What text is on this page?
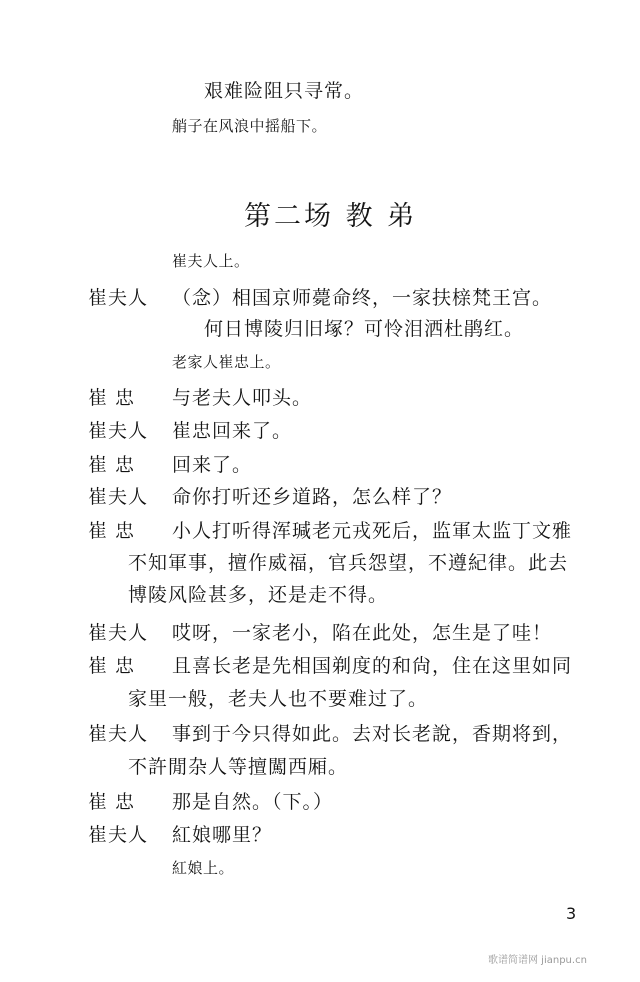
艰难险阻只寻常。
艄子在风浪中摇船下。
第二场 教 弟
崔夫人上。
崔夫人 （念）相国京师薨命终，一家扶榇梵王宫。
何日博陵归旧塚？可怜泪洒杜鹃红。
老家人崔忠上。
崔 忠 与老夫人叩头。
崔夫人 崔忠回来了。
崔 忠 回来了。
崔夫人 命你打听还乡道路，怎么样了？
崔 忠 小人打听得浑瑊老元戎死后，监軍太监丁文雅
不知軍事，擅作威福，官兵怨望，不遵紀律。此去
博陵风险甚多，还是走不得。
崔夫人 哎呀，一家老小，陷在此处，怎生是了哇！
崔 忠 且喜长老是先相国剃度的和尙，住在这里如同
家里一般，老夫人也不要难过了。
崔夫人 事到于今只得如此。去对长老說，香期将到，
不許閒杂人等擅闖西厢。
崔 忠 那是自然。（下。）
崔夫人 紅娘哪里？
紅娘上。
3
歌谱简谱网 jianpu.cn
